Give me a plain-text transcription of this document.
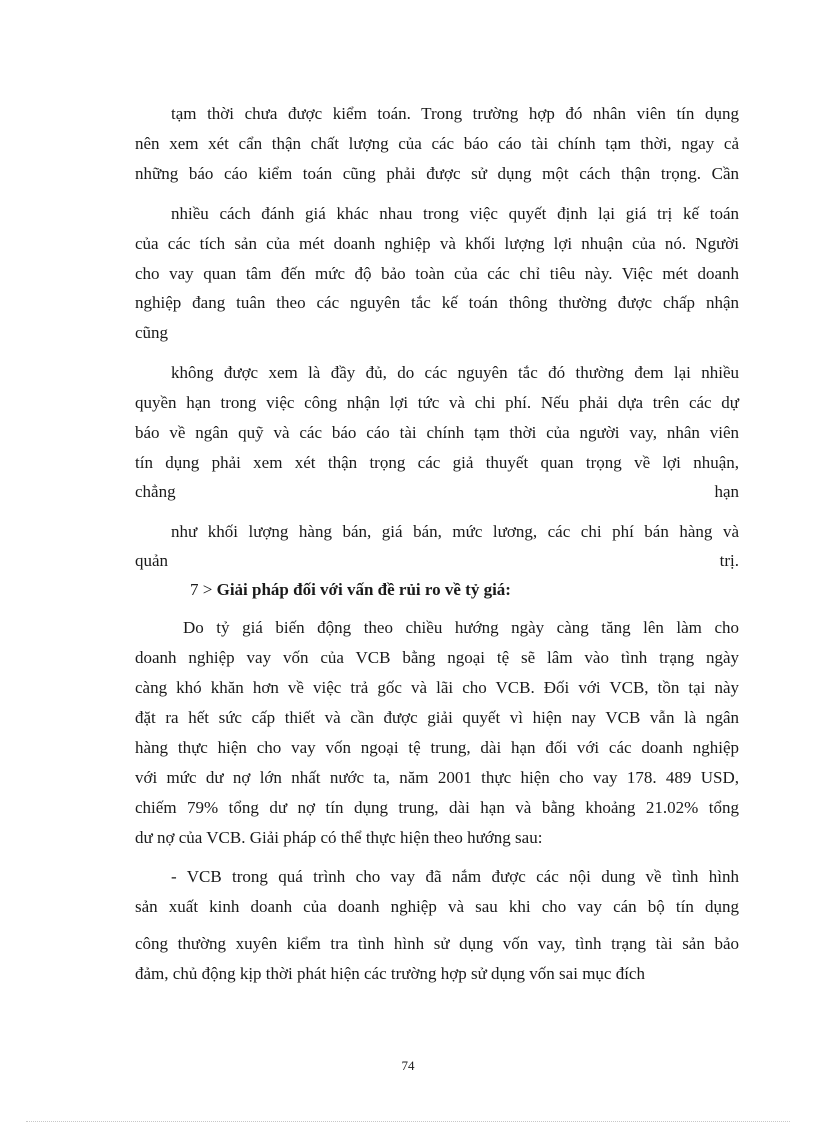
tạm thời chưa được kiểm toán. Trong trường hợp đó nhân viên tín dụng
nên xem xét cẩn thận chất lượng của các báo cáo tài chính tạm thời, ngay cả
những báo cáo kiểm toán cũng phải được sử dụng một cách thận trọng. Cần
nhiều cách đánh giá khác nhau trong việc quyết định lại giá trị kế toán
của các tích sản của mét doanh nghiệp và khối lượng lợi nhuận của nó. Người
cho vay quan tâm đến mức độ bảo toàn của các chỉ tiêu này. Việc mét doanh
nghiệp đang tuân theo các nguyên tắc kế toán thông thường được chấp nhận
cũng
không được xem là đầy đủ, do các nguyên tắc đó thường đem lại nhiều
quyền hạn trong việc công nhận lợi tức và chi phí. Nếu phải dựa trên các dự
báo về ngân quỹ và các báo cáo tài chính tạm thời của người vay, nhân viên
tín dụng phải xem xét thận trọng các giả thuyết quan trọng về lợi nhuận,
chẳng                                                                                                                           hạn
như khối lượng hàng bán, giá bán, mức lương, các chi phí bán hàng và
quản                                                                                                                               trị.
7 > Giải pháp đối với vấn đề rủi ro về tỷ giá:
Do tỷ giá biến động theo chiều hướng ngày càng tăng lên làm cho
doanh nghiệp vay vốn của VCB bằng ngoại tệ sẽ lâm vào tình trạng ngày
càng khó khăn hơn về việc trả gốc và lãi cho VCB. Đối với VCB, tồn tại này
đặt ra hết sức cấp thiết và cần được giải quyết vì hiện nay VCB vẫn là ngân
hàng thực hiện cho vay vốn ngoại tệ trung, dài hạn đối với các doanh nghiệp
với mức dư nợ lớn nhất nước ta, năm 2001 thực hiện cho vay 178. 489 USD,
chiếm 79% tổng dư nợ tín dụng trung, dài hạn và bằng khoảng 21.02% tổng
dư nợ của VCB. Giải pháp có thể thực hiện theo hướng sau:
- VCB trong quá trình cho vay đã nắm được các nội dung về tình hình
sản xuất kinh doanh của doanh nghiệp và sau khi cho vay cán bộ tín dụng
công thường xuyên kiểm tra tình hình sử dụng vốn vay, tình trạng tài sản bảo
đảm, chủ động kịp thời phát hiện các trường hợp sử dụng vốn sai mục đích
74
